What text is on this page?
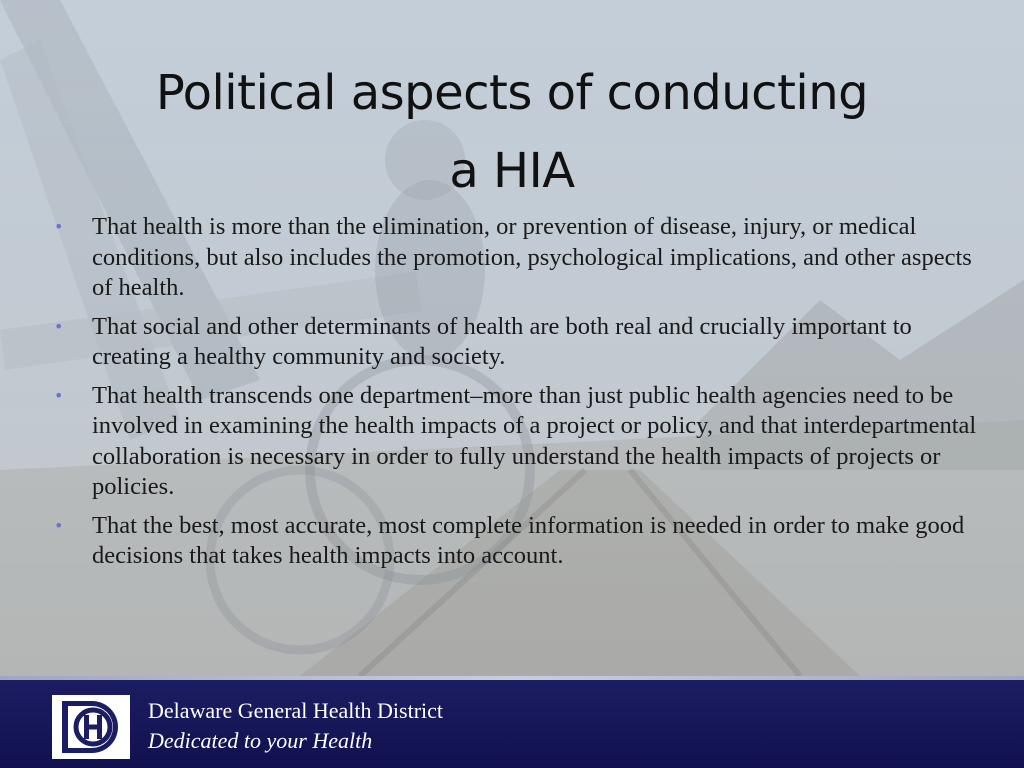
Political aspects of conducting
a HIA
• That health is more than the elimination, or prevention of disease, injury, or medical conditions, but also includes the promotion, psychological implications, and other aspects of health.
• That social and other determinants of health are both real and crucially important to creating a healthy community and society.
• That health transcends one department–more than just public health agencies need to be involved in examining the health impacts of a project or policy, and that interdepartmental collaboration is necessary in order to fully understand the health impacts of projects or policies.
• That the best, most accurate, most complete information is needed in order to make good decisions that takes health impacts into account.
Delaware General Health District
Dedicated to your Health
